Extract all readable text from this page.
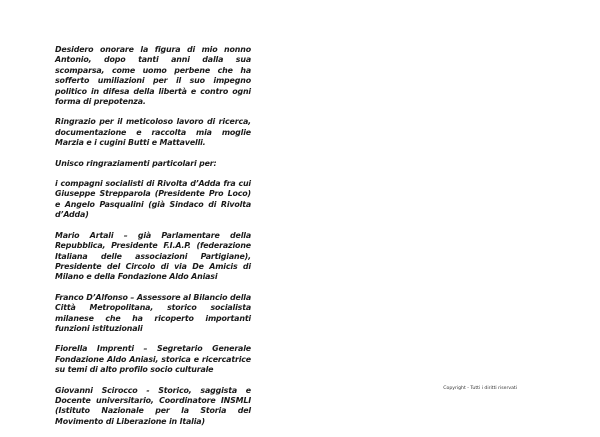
Desidero onorare la figura di mio nonno Antonio, dopo tanti anni dalla sua scomparsa, come uomo perbene che ha sofferto umiliazioni per il suo impegno politico in difesa della libertà e contro ogni forma di prepotenza.

Ringrazio per il meticoloso lavoro di ricerca, documentazione e raccolta mia moglie Marzia e i cugini Butti e Mattavelli.

Unisco ringraziamenti particolari per:

i compagni socialisti di Rivolta d’Adda fra cui Giuseppe Strepparola (Presidente Pro Loco) e Angelo Pasqualini (già Sindaco di Rivolta d’Adda)

Mario Artali – già Parlamentare della Repubblica, Presidente F.I.A.P. (federazione Italiana delle associazioni Partigiane), Presidente del Circolo di via De Amicis di Milano e della Fondazione Aldo Aniasi

Franco D’Alfonso – Assessore al Bilancio della Città Metropolitana, storico socialista milanese che ha ricoperto importanti funzioni istituzionali

Fiorella Imprenti – Segretario Generale Fondazione Aldo Aniasi, storica e ricercatrice su temi di alto profilo socio culturale

Giovanni Scirocco - Storico, saggista e Docente universitario, Coordinatore INSMLI (Istituto Nazionale per la Storia del Movimento di Liberazione in Italia)

Copyright - Tutti i diritti riservati
